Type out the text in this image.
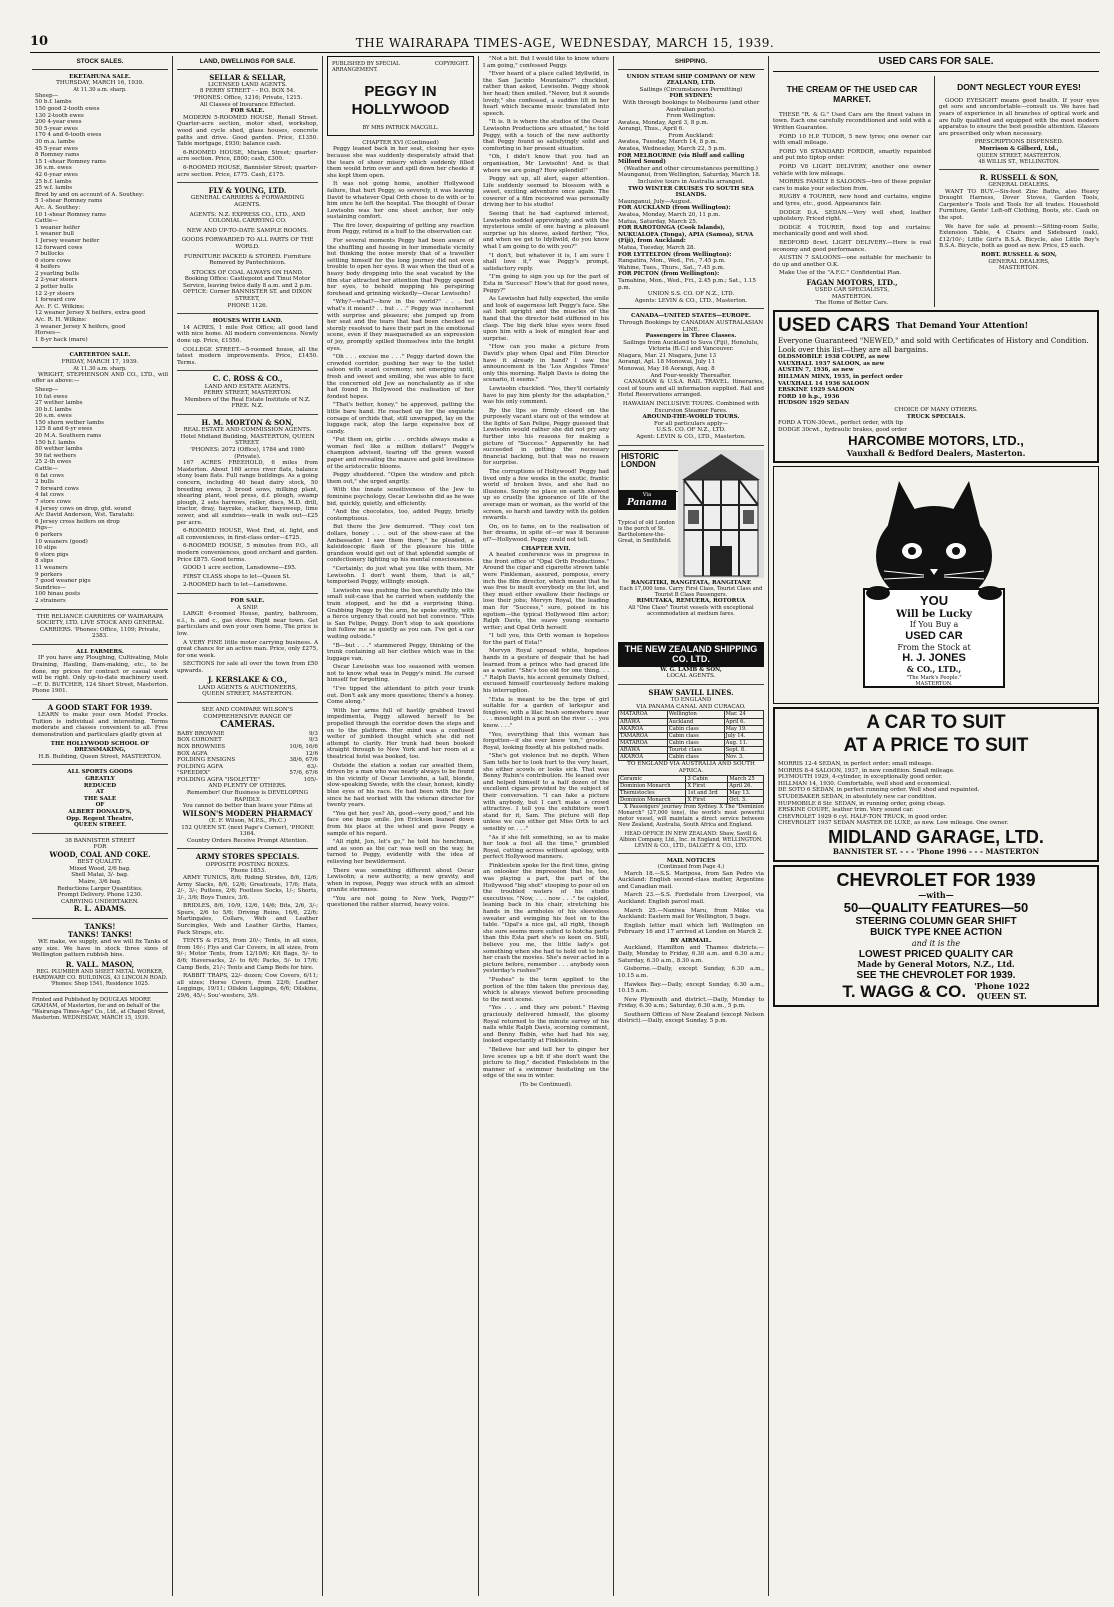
10	THE WAIRARAPA TIMES-AGE, WEDNESDAY, MARCH 15, 1939.
STOCK SALES.
EKETAHUNA SALE.
THURSDAY, MARCH 16, 1939.
At 11.30 a.m. sharp.
Sheep—
50 b.f. lambs
150 good 2-tooth ewes
130 2-tooth ewes
200 4-year ewes
50 5-year ewes
170 4 and 6-tooth ewes
30 m.a. lambs
45 5-year ewes
8 Romney rams
15 1-shear Romney rams
36 s.m. ewes
42 6-year ewes
25 b.f. lambs
25 w.f. lambs
Bred by and on account of A. Southey:
5 1-shear Romney rams
A/c. A. Southey:
10 1-shear Romney rams
Cattle—
1 weaner heifer
1 weaner bull
1 Jersey weaner heifer
12 forward cows
7 bullocks
6 store cows
4 heifers
2 yearling bulls
2 2-year steers
2 potter bulls
12 2-yr steers
1 forward cow
A/c. F. C. Wilkins:
12 weaner Jersey X heifers, extra good
A/c. R. H. Wilkins:
3 weaner Jersey X heifers, good
Horses—
1 8-yr hack (mare)
CARTERTON SALE.
FRIDAY, MARCH 17, 1939.
At 11.30 a.m. sharp.
WRIGHT, STEPHENSON AND CO., LTD., will offer as above:—
Sheep—
10 fat ewes
27 wether lambs
30 b.f. lambs
20 s.m. ewes
150 shorn wether lambs
125 8 and 6-yr ewes
20 M.A. Southern rams
150 b.f. lambs
80 wether lambs
59 fat wethers
25 2-th ewes
Cattle—
6 fat cows
2 bulls
7 forward cows
4 fat cows
7 store cows
4 Jersey cows on drop, gtd. sound
A/c David Anderson, Wst. Taratahi:
6 Jersey cross heifers on drop
Pigs—
6 porkers
10 weaners (good)
10 slips
6 store pigs
8 slips
11 weaners
9 porkers
7 good weaner pigs
Sundries—
100 hinau posts
2 strainers
THE RELIANCE CARRIERS OF WAIRARAPA SOCIETY, LTD. LIVE STOCK AND GENERAL CARRIERS. 'Phones: Office, 1109; Private, 2383.
ALL FARMERS.
IF you have any Ploughing, Cultivating, Mole Draining, Hauling, Dam-making, etc., to be done, my prices for contract or casual work will be right. Only up-to-date machinery used.—F. D. BUTCHER, 124 Short Street, Masterton. Phone 1901.
A GOOD START FOR 1939.
LEARN to make your own Model Frocks. Tuition is individual and interesting. Terms moderate and classes convenient to all. Free demonstration and particulars gladly given at
THE HOLLYWOOD SCHOOL OF DRESSMAKING,
H.B. Building, Queen Street, MASTERTON.
ALL SPORTS GOODS
GREATLY
REDUCED
AT
THE SALE
OF
ALBERT DONALD'S,
Opp. Regent Theatre,
QUEEN STREET.
38 BANNISTER STREET
FOR
WOOD, COAL AND COKE.
BEST QUALITY.
Mixed Wood, 2/6 bag.
Shell Matai, 3/- bag.
Maire, 3/6 bag.
Reductions Larger Quantities.
Prompt Delivery. Phone 1230.
CARRYING UNDERTAKEN.
R. L. ADAMS.
TANKS!
TANKS! TANKS!
WE make, we supply, and we will fix Tanks of any size. We have in stock three sizes of Wellington pattern rubbish bins.
R. VALL. MASON,
REG. PLUMBER AND SHEET METAL WORKER,
HARDWARE CO. BUILDINGS, 43 LINCOLN ROAD.
'Phones: Shop 1541, Residence 1025.
Printed and Published by DOUGLAS MOORE GRAHAM, of Masterton, for and on behalf of the "Wairarapa Times-Age" Co., Ltd., at Chapel Street, Masterton. WEDNESDAY, MARCH 15, 1939.
LAND, DWELLINGS FOR SALE.
SELLAR & SELLAR,
LICENSED LAND AGENTS.
8 PERRY STREET - - P.O. BOX 54.
'PHONES: Office, 1216; Private, 1215.
All Classes of Insurance Effected.
FOR SALE.
MODERN 5-ROOMED HOUSE, Renall Street. Quarter-acre section, motor shed, workshop, wood and cycle shed, glass houses, concrete paths and drive. Good garden. Price, £1350. Table mortgage, £930; balance cash.
6-ROOMED HOUSE, Miriam Street; quarter-acre section. Price, £800; cash, £300.
6-ROOMED HOUSE, Bannister Street; quarter-acre section. Price, £775. Cash, £175.
FLY & YOUNG, LTD.
GENERAL CARRIERS & FORWARDING AGENTS.
AGENTS: N.Z. EXPRESS CO., LTD., AND COLONIAL CARRYING CO.
NEW AND UP-TO-DATE SAMPLE ROOMS.
GOODS FORWARDED TO ALL PARTS OF THE WORLD.
FURNITURE PACKED & STORED. Furniture Removed by Pantechnicon.
STOCKS OF COAL ALWAYS ON HAND.
Booking Office: Castlepoint and Tinui Motor Service, leaving twice daily 8 a.m. and 2 p.m.
OFFICE: Corner BANNISTER ST. and DIXON STREET,
PHONE 1126.
HOUSES WITH LAND.
14 ACRES, 1 mile Post Office; all good land with nice home. All modern conveniences. Newly done up. Price, £1550.
COLLEGE STREET.—5-roomed house, all the latest modern improvements. Price, £1450. Terms.
C. C. ROSS & CO.,
LAND AND ESTATE AGENTS.
PERRY STREET, MASTERTON.
Members of the Real Estate Institute of N.Z. FREE. N.Z.
H. M. MORTON & SON,
REAL ESTATE AND COMMISSION AGENTS.
Hotel Midland Building, MASTERTON, QUEEN STREET.
'PHONES: 2072 (Office), 1784 and 1980 (Private).
167 ACRES FREEHOLD, 6 miles from Masterton. About 160 acres river flats, balance stony loam flats. Full range buildings. As a going concern, including 40 head dairy stock, 50 breeding ewes, 3 brood sows, milking plant, shearing plant, wool press, d.f. plough, swamp plough, 2 sets harrows, roller, discs, M.D. drill, tractor, dray, hayrake, stacker, haysweep, lime sower, and all sundries—walk in walk out—£25 per acre.
6-ROOMED HOUSE, West End, el. light, and all conveniences, in first-class order—£725.
6-ROOMED HOUSE, 5 minutes from P.O., all modern conveniences, good orchard and garden. Price £875. Good terms.
GOOD 1 acre section, Lansdowne—£95.
FIRST CLASS shops to let—Queen St.
2-ROOMED bach to let—Lansdowne.
FOR SALE.
A SNIP.
LARGE 6-roomed House, pantry, bathroom, e.l., h. and c., gas stove. Right near town. Get particulars and own your own home. The price is low.
A VERY FINE little motor carrying business. A great chance for an active man. Price, only £275, for one week.
SECTIONS for sale all over the town from £50 upwards.
J. KERSLAKE & CO.,
LAND AGENTS & AUCTIONEERS,
QUEEN STREET, MASTERTON.
SEE AND COMPARE WILSON'S COMPREHENSIVE RANGE OF
CAMERAS.
BABY BROWNIE	9/3
BOX CORONET	9/3
BOX BROWNIES	10/6, 16/6
BOX AGFA	12/6
FOLDING ENSIGNS	38/6, 67/6
FOLDING AGFA	63/-
"SPEEDEX"	57/6, 67/6
FOLDING AGFA "ISOLETTE"	105/-
AND PLENTY OF OTHERS.
Remember! Our Business is DEVELOPING RAPIDLY.
You cannot do better than leave your Films at
WILSON'S MODERN PHARMACY
(E. F. Wilson, M.P.S., Ph.C.)
152 QUEEN ST. (next Page's Corner), 'PHONE 1364.
Country Orders Receive Prompt Attention.
ARMY STORES SPECIALS.
OPPOSITE POSTING BOXES.
'Phone 1853.
ARMY TUNICS, 8/6; Riding Strides, 8/6, 12/6; Army Slacks, 8/6, 12/6; Greatcoats, 17/6; Hats, 2/-, 3/-; Puttees, 2/6; Footless Socks, 1/-; Shorts, 3/-, 3/6; Boys Tunics, 3/6.
BRIDLES, 8/6, 10/9, 12/6, 14/6; Bits, 2/6, 3/-; Spurs, 2/6 to 5/6; Driving Reins, 16/6, 22/6; Martingales, Collars, Web and Leather Surcingles, Web and Leather Girths, Hames, Pack Straps, etc.
TENTS & FLYS, from 20/-; Tents, in all sizes, from 16/-; Flys and Car Covers, in all sizes, from 9/-; Motor Tents, from 12/10/6; Kit Bags, 5/- to 8/6; Haversacks, 2/- to 6/6; Packs, 5/- to 17/6; Camp Beds, 21/-; Tents and Camp Beds for hire.
RABBIT TRAPS, 22/- dozen; Cow Covers, 6/11; all sizes; Horse Covers, from 22/6; Leather Leggings, 19/11; Oilskin Leggings, 6/6; Oilskins, 29/6, 45/-; Sou'-westers, 3/9.
PUBLISHED BY SPECIAL ARRANGEMENT.
COPYRIGHT.
PEGGY IN HOLLYWOOD
BY MRS PATRICK MACGILL.
CHAPTER XVI (Continued)
Peggy leaned back in her seat, closing her eyes because she was suddenly desperately afraid that the tears of sheer misery which suddenly filled them would brim over and spill down her cheeks if she kept them open.
It was not going home, another Hollywood failure, that hurt Peggy, so severely, it was leaving David to whatever Opal Orth chose to do with or to him once he left the hospital. The thought of Oscar Lewisohn was her one sheet anchor, her only sustaining comfort.
The fire lover, despairing of getting any reaction from Peggy, retired in a huff to the observation car.
For several moments Peggy had been aware of the shuffling and fussing in her immediate vicinity but thinking the noise merely that of a traveller settling himself for the long journey did not even trouble to open her eyes. It was when the thud of a heavy body dropping into the seat vacated by the film star attracted her attention that Peggy opened her eyes, to behold mopping his perspiring forehead and grinning wickedly—Oscar Lewisohn!
"Why?—what?—how in the world?" . . . but what's it meant? . . but . . ." Peggy was incoherent with surprise and pleasure; she jumped up from her seat and the tears that had been checked so sternly resolved to have their part in the emotional scene, even if they masqueraded as an expression of joy, promptly spilled themselves into the bright eyes.
"Oh . . . excuse me . . ." Peggy darted down the crowded corridor, pushing her way to the toilet saloon with scant ceremony; not emerging until, fresh and sweet and smiling, she was able to face the concerned old Jew as nonchalantly as if she had found in Hollywood the realisation of her fondest hopes.
"That's better, honey," he approved, patting the little bare hand. He reached up for the exquisite corsage of orchids that, still unwrapped, lay on the luggage rack, atop the large expensive box of candy.
"Put them on, girlie . . . orchids always make a woman feel like a million dollars!" Peggy's champion advised, tearing off the green waxed paper and revealing the mauve and gold loveliness of the aristocratic blooms.
Peggy shuddered. "Open the window and pitch them out," she urged angrily.
With the innate sensitiveness of the Jew to feminine psychology, Oscar Lewisohn did as he was bid, quickly, quietly, and efficiently.
"And the chocolates, too, added Peggy, briefly contemptuous.
But there the Jew demurred. "They cost ten dollars, honey . . . out of the show-case at the Ambassador. I saw them there," he pleaded, a kaleidoscopic flash of the pleasure his little grandson would get out of that splendid sample of confectionery lighting up his mental consciousness.
"Certainly; do just what you like with them, Mr Lewisohn. I don't want them, that is all," temporised Peggy, willingly enough.
Lewisohn was pushing the box carefully into the small suit-case that he carried when suddenly the train stopped, and he did a surprising thing. Grabbing Peggy by the arm, he spoke swiftly, with a fierce urgency that could not but convince. "This is San Felipe, Peggy. Don't stop to ask questions but follow me as quietly as you can. I've got a car waiting outside."
"B—but . . ." stammered Peggy, thinking of the trunk containing all her clothes which was in the luggage van.
Oscar Lewisohn was too seasoned with women not to know what was in Peggy's mind. He cursed himself for forgetting.
"I've tipped the attendant to pitch your trunk out. Don't ask any more questions; there's a honey. Come along."
With her arms full of hastily grabbed travel impedimenta, Peggy allowed herself to be propelled through the corridor down the steps and on to the platform. Her mind was a confused welter of jumbled thought which she did not attempt to clarify. Her trunk had been booked straight through to New York and her room at a theatrical hotel was booked, too.
Outside the station a sedan car awaited them, driven by a man who was nearly always to be found in the vicinity of Oscar Lewisohn, a tall, blonde, slow-speaking Swede, with the clear, honest, kindly blue eyes of his race. He had been with the Jew since he had worked with the veteran director for twenty years.
"You get her, yes? Ah, good—very good," and his face one huge smile. Jon Erickson leaned down from his place at the wheel and gave Peggy a sample of his regard.
"All right, Jon, let's go," he told his henchman, and as soon as the car was well on the way, he turned to Peggy, evidently with the idea of relieving her bewilderment.
There was something different about Oscar Lewisohn; a new authority, a new gravity, and when in repose, Peggy was struck with an almost granite sternness.
"You are not going to New York, Peggy?" questioned the rather slurred, heavy voice.
"Not a bit. But I would like to know where I am going," confessed Peggy.
"Ever heard of a place called Idyllwild, in the San Jacinto Mountains?" chuckled, rather than asked, Lewisohn. Peggy shook her head; then smiled. "Never, but it sounds lovely," she confessed, a sudden lilt in her heart which became music translated into speech.
"It is. It is where the studios of the Oscar Lewisohn Productions are situated," he told Peggy, with a touch of the new authority that Peggy found so satisfyingly solid and comforting in her present situation.
"Oh, I didn't know that you had an organisation, Mr Lewisohn! And is that where we are going? How splendid!"
Peggy sat up, all alert, eager attention. Life suddenly seemed to blossom with a sweet, exciting adventure once again. The cowerer of a film recovered was personally driving her to his studio!
Seeing that he had captured interest, Lewisohn nodded approvingly, and with the mysterious smile of one having a pleasant surprise up his sleeve, asked further, "Yes, and when we get to Idyllwild, do you know what I am going to do with you?"
"I don't, but whatever it is, I am sure I shall love it," was Peggy's prompt, satisfactory reply.
"I'm going to sign you up for the part of Esta in 'Success!' How's that for good news, Peggy?"
As Lewisohn had fully expected, the smile and look of eagerness left Peggy's face. She sat bolt upright and the muscles of the hand that the director held stiffened in his clasp. The big dark blue eyes were fixed upon him with a look of mingled fear and surprise.
"How can you make a picture from David's play when Opal and Film Director have it already in hand? I saw the announcement in the 'Los Angeles Times' only this morning. Ralph Davis is doing the scenario, it seems."
Lewisohn chuckled. "Yes, they'll certainly have to pay him plenty for the adaptation," was his only comment.
By the lips so firmly closed on the purposely vacant stare out of the window at the lights of San Felipe, Peggy guessed that Lewisohn would rather she did not pry any further into his reasons for making a picture of "Success." Apparently he had succeeded in getting the necessary financial backing, but that was no reason for surprise.
The corruptions of Hollywood! Peggy had lived only a few weeks in the exotic, frantic world of broken lives, and she had no illusions. Surely no place on earth showed up so cruelly the ignorance of life of the average man or woman, as the world of the screen, so harsh and tawdry with its golden rewards.
On, on to fame, on to the realisation of her dreams, in spite of—or was it because of?—Hollywood. Peggy could not tell.
CHAPTER XVII.
A heated conference was in progress in the front office of "Opal Orth Productions." Around the cigar and cigarette strewn table were Finkleman, assured, pompous, every inch the film director, which meant that he was free to insult everybody on the lot, and they must either swallow their feelings or lose their jobs; Mervyn Royal, the leading man for "Success," sure, poised in his egotism—the typical Hollywood film actor; Ralph Davis, the suave young scenario writer; and Opal Orth herself.
"I tell you, this Orth woman is hopeless for the part of Esta!"
Mervyn Royal spread white, hopeless hands in a gesture of despair that he had learned from a prince who had graced life as a waiter. "She's too old for one thing. . . ." Ralph Davis, his accent genuinely Oxford, excused himself courteously before making his interruption.
"Esta is meant to be the type of girl suitable for a garden of larkspur and foxglove, with a lilac bush somewhere near . . . moonlight in a punt on the river . . . you know. . . ."
"Yes, everything that this woman has forgotten—if she ever knew 'em," growled Royal, looking fixedly at his polished nails.
"She's got violence but no depth. When Sam tells her to look hurt to the very heart, she either scowls or looks sick. That was Benny Rubin's contribution. He leaned over and helped himself to a half dozen of the excellent cigars provided by the subject of their conversation. "I can fake a picture with anybody, but I can't make a crowd attractive. I tell you the exhibitors won't stand for it, Sam. The picture will flop unless we can either get Miss Orth to act sensibly or. . . ."
"As if she felt something, so as to make her look a fool all the time," grumbled Royal, cutting across without apology, with perfect Hollywood manners.
Finklestein spoke for the first time, giving an onlooker the impression that he, too, was playing a part, the part of the Hollywood "big shot" stooping to pour oil on the troubled waters of his studio executives. "Now, . . . now . . ." he cajoled, leaning back in his chair, stretching his hands in the armholes of his sleeveless sweater and swinging his feet on to the table. "Opal's a nice gal, all right, though she sure seems more suited to hotcha parts than this Esta part she's so keen on. Still, believe you me, the little lady's got something when she had to hold out to help her crash the movies. She's never acted in a picture before, remember . . . anybody seen yesterday's rushes?"
"Pushes" is the term applied to the portion of the film taken the previous day, which is always viewed before proceeding to the next scene.
"Yes . . . and they are potent." Having graciously delivered himself, the gloomy Royal returned to the minute survey of his nails while Ralph Davis, scorning comment, and Benny Rubin, who had had his say, looked expectantly at Finklestein.
"Believe her and tell her to ginger her love scenes up a bit if she don't want the picture to flop," decided Finkelstein in the manner of a swimmer hesitating on the edge of the sea in winter.
(To be Continued).
SHIPPING.
UNION STEAM SHIP COMPANY OF NEW ZEALAND, LTD.
Sailings (Circumstances Permitting)
FOR SYDNEY:
With through bookings to Melbourne (and other Australian ports).
From Wellington:
Awatea, Monday, April 3, 8 p.m.
Aorangi, Thus., April 6.
From Auckland:
Awatea, Tuesday, March 14, 8 p.m.
Awatea, Wednesday, March 22, 5 p.m.
FOR MELBOURNE (via Bluff and calling Milford Sound)
(Weather and other circumstances permitting.)
Maunganui, from Wellington, Saturday, March 18.
Inclusive tours in Australia arranged.
TWO WINTER CRUISES TO SOUTH SEA ISLANDS.
Maunganui, July—August.
FOR AUCKLAND (from Wellington):
Awatea, Monday, March 20, 11 p.m.
Matua, Saturday, March 25.
FOR RAROTONGA (Cook Islands), NUKUALOFA (Tonga), APIA (Samoa), SUVA (Fiji), from Auckland:
Matua, Tuesday, March 28.
FOR LYTTELTON (from Wellington):
Rangatira, Mon., Wed., Fri., 7.45 p.m.
Wahine, Tues., Thurs., Sat., 7.45 p.m.
FOR PICTON (from Wellington):
Tamahine, Mon., Wed., Fri., 2.45 p.m.; Sat., 1.15 p.m.
UNION S.S. CO. OF N.Z., LTD.
Agents: LEVIN & CO., LTD., Masterton.
CANADA—UNITED STATES—EUROPE.
Through Bookings by CANADIAN AUSTRALASIAN LINE.
Passengers in Three Classes.
Sailings from Auckland to Suva (Fiji), Honolulu, Victoria (B.C.) and Vancouver.
Niagara, Mar. 21 Niagara, June 13
Aorangi, Apl. 18 Monowai, July 11
Monowai, May 16 Aorangi, Aug. 8
And Four-weekly Thereafter.
CANADIAN & U.S.A. RAIL TRAVEL. Itineraries, cost of tours and all information supplied. Rail and Hotel Reservations arranged.
HAWAIIAN INCLUSIVE TOURS. Combined with Excursion Steamer Fares.
AROUND-THE-WORLD TOURS.
For all particulars apply—
U.S.S. CO. OF N.Z., LTD.
Agent: LEVIN & CO., LTD., Masterton.
HISTORIC LONDON
Via
Panama
Typical of old London is the porch of St. Bartholomew-the-Great, in Smithfield.
RANGITIKI, RANGITATA, RANGITANE
Each 17,000 tons. Carry First Class, Tourist Class and Tourist B Class Passengers.
RIMUTAKA, REMUERA, ROTORUA
All "One Class" Tourist vessels with exceptional accommodation at medium fares.
THE NEW ZEALAND SHIPPING CO. LTD.
W. G. LAMB & SON,
LOCAL AGENTS.
SHAW SAVILL LINES.
TO ENGLAND
VIA PANAMA CANAL AND CURACAO.
MATAROA	Wellington	Mar. 24
ARAWA	Auckland	April 6.
AKAROA	Cabin class	May 19.
TAMAROA	Cabin class	July 14.
MATAROA	Cabin class	Aug. 11.
ARAWA	Tourist class	Sept. 8.
AKAROA	Cabin class	Nov. 3.
TO ENGLAND VIA AUSTRALIA AND SOUTH AFRICA.
Ceramic	3 Cabin	March 25
Dominion Monarch	X First	April 26.
Themistocles	1st and 3rd	May 13.
Dominion Monarch	X First	Oct. 3.
X Passengers' journey from Sydney. X The "Dominion Monarch" (27,000 tons), the world's most powerful motor vessel, will maintain a direct service between New Zealand, Australia, South Africa and England.
HEAD OFFICE IN NEW ZEALAND: Shaw, Savill & Albion Company, Ltd., Inc. in England, WELLINGTON.
LEVIN & CO., LTD., DALGETY & CO., LTD.
MAIL NOTICES
(Continued from Page 4.)
March 18.—S.S. Mariposa, from San Pedro via Auckland: English second-class matter, Argentine and Canadian mail.
March 23.—S.S. Fordsdale from Liverpool, via Auckland: English parcel mail.
March 25.—Naniwa Maru, from Miike via Auckland: Eastern mail for Wellington, 5 bags.
English letter mail which left Wellington on February 16 and 17 arrived at London on March 2.
BY AIRMAIL.
Auckland, Hamilton and Thames districts.—Daily, Monday to Friday, 6.30 a.m. and 6.30 a.m.; Saturday, 6.30 a.m., 8.30 a.m.
Gisborne.—Daily, except Sunday, 6.30 a.m., 10.15 a.m.
Hawkes Bay.—Daily, except Sunday, 6.30 a.m., 10.15 a.m.
New Plymouth and district.—Daily, Monday to Friday, 6.30 a.m.; Saturday, 6.30 a.m., 5 p.m.
Southern Offices of New Zealand (except Nelson district).—Daily, except Sunday, 5 p.m.
USED CARS FOR SALE.
THE CREAM OF THE USED CAR MARKET.
THESE "R. & G." Used Cars are the finest values in town. Each one carefully reconditioned and sold with a Written Guarantee.
FORD 10 H.P. TUDOR, 5 new tyres; one owner car with small mileage.
FORD V8 STANDARD FORDOR, smartly repainted and put into tiptop order.
FORD V8 LIGHT DELIVERY, another one owner vehicle with low mileage.
MORRIS FAMILY 8 SALOONS—two of these popular cars to make your selection from.
RUGBY 4 TOURER, new hood and curtains, engine and tyres, etc., good. Appearance fair.
DODGE D.A. SEDAN.—Very well shod, leather upholstery. Priced right.
DODGE 4 TOURER, fixed top and curtains; mechanically good and well shod.
BEDFORD 8cwt. LIGHT DELIVERY.—Here is real economy and good performance.
AUSTIN 7 SALOONS—one suitable for mechanic to do up and another O.K.
Make Use of the "A.F.C." Confidential Plan.
FAGAN MOTORS, LTD.,
USED CAR SPECIALISTS,
MASTERTON.
The Home of Better Cars.
DON'T NEGLECT YOUR EYES!
GOOD EYESIGHT means good health. If your eyes get sore and uncomfortable—consult us. We have had years of experience in all branches of optical work and are fully qualified and equipped with the most modern apparatus to ensure the best possible attention. Glasses are prescribed only when necessary.
PRESCRIPTIONS DISPENSED.
Morrison & Gilberd, Ltd.,
QUEEN STREET, MASTERTON.
48 WILLIS ST., WELLINGTON.
R. RUSSELL & SON,
GENERAL DEALERS.
WANT TO BUY.—Six-foot Zinc Baths, also Heavy Draught Harness, Dover Stoves, Garden Tools, Carpenter's Tools and Tools for all trades. Household Furniture, Gents' Left-off Clothing, Boots, etc. Cash on the spot.
We have for sale at present:—Sitting-room Suite, Extension Table, 4 Chairs and Sideboard (oak), £12/10/-; Little Girl's B.S.A. Bicycle, also Little Boy's B.S.A. Bicycle, both as good as new. Price, £5 each.
ROBT. RUSSELL & SON,
GENERAL DEALERS,
MASTERTON.
USED CARS That Demand Your Attention!
Everyone Guaranteed "NEWED," and sold with Certificates of History and Condition. Look over this list—they are all bargains.
OLDSMOBILE 1938 COUPE, as new
VAUXHALL 1937 SALOON, as new
AUSTIN 7, 1936, as new
HILLMAN MINX, 1935, in perfect order
VAUXHALL 14 1936 SALOON
ERSKINE 1929 SALOON
FORD 10 h.p., 1936
HUDSON 1929 SEDAN
CHOICE OF MANY OTHERS.
TRUCK SPECIALS.
FORD A TON-30cwt., perfect order, with tip
DODGE 30cwt., hydraulic brakes, good order
HARCOMBE MOTORS, LTD.,
Vauxhall & Bedford Dealers, Masterton.
YOU
Will be Lucky
If You Buy a
USED CAR
From the Stock at
H. J. JONES
& CO., LTD.,
"The Mark's People."
MASTERTON.
A CAR TO SUIT
AT A PRICE TO SUIT
MORRIS 12-4 SEDAN, in perfect order; small mileage.
MORRIS 8-4 SALOON, 1937, in new condition. Small mileage.
PLYMOUTH 1929, 4-cylinder, in exceptionally good order.
HILLMAN 14, 1930. Comfortable, well shod and economical.
DE SOTO 6 SEDAN, in perfect running order. Well shod and repainted.
STUDEBAKER SEDAN, in absolutely new car condition.
HUPMOBILE 8 Str. SEDAN, in running order, going cheap.
ERSKINE COUPE, leather trim. Very sound car.
CHEVROLET 1929 6 cyl. HALF-TON TRUCK, in good order.
CHEVROLET 1937 SEDAN MASTER DE LUXE, as new. Low mileage. One owner.
MIDLAND GARAGE, LTD.
BANNISTER ST. - - - 'Phone 1996 - - - MASTERTON
CHEVROLET FOR 1939
—with—
50—QUALITY FEATURES—50
STEERING COLUMN GEAR SHIFT
BUICK TYPE KNEE ACTION
and it is the
LOWEST PRICED QUALITY CAR
Made by General Motors, N.Z., Ltd.
SEE THE CHEVROLET FOR 1939.
T. WAGG & CO. 'Phone 1022
QUEEN ST.
